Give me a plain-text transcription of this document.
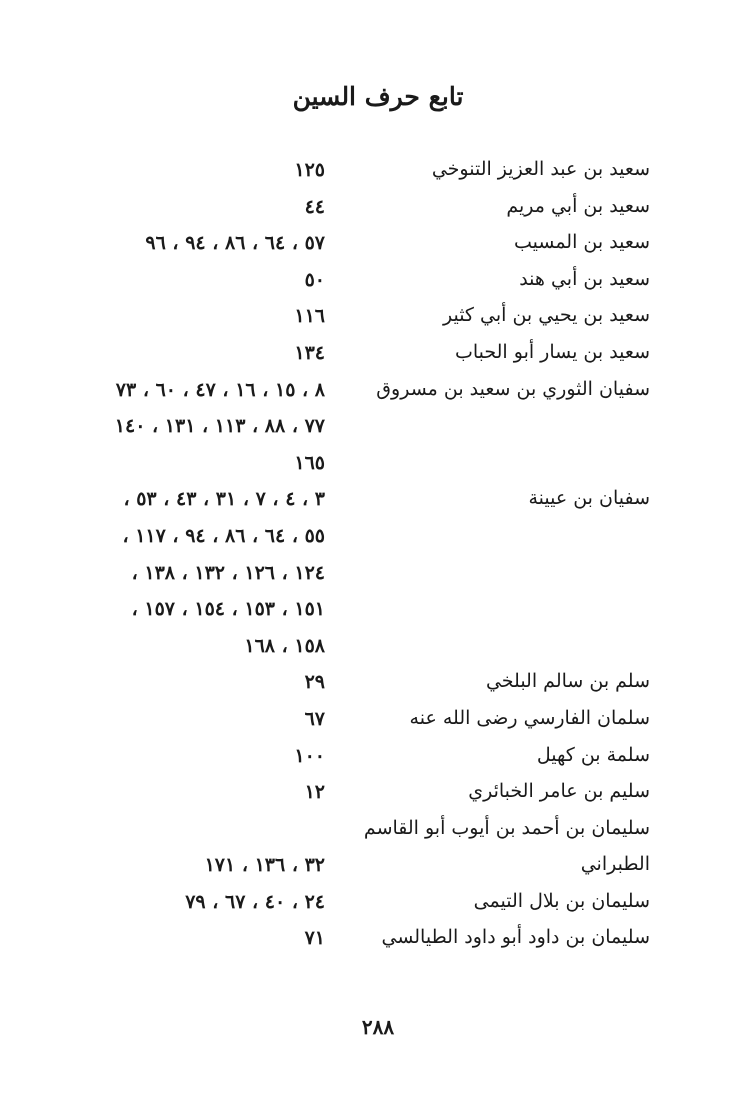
تابع حرف السين
سعيد بن عبد العزيز التنوخي
١٢٥
سعيد بن أبي مريم
٤٤
سعيد بن المسيب
٥٧ ، ٦٤ ، ٨٦ ، ٩٤ ، ٩٦
سعيد بن أبي هند
٥٠
سعيد بن يحيي بن أبي كثير
١١٦
سعيد بن يسار أبو الحباب
١٣٤
سفيان الثوري بن سعيد بن مسروق
٨ ، ١٥ ، ١٦ ، ٤٧ ، ٦٠ ، ٧٣
٧٧ ، ٨٨ ، ١١٣ ، ١٣١ ، ١٤٠
١٦٥
سفيان بن عيينة
٣ ، ٤ ، ٧ ، ٣١ ، ٤٣ ، ٥٣ ،
٥٥ ، ٦٤ ، ٨٦ ، ٩٤ ، ١١٧ ،
١٢٤ ، ١٢٦ ، ١٣٢ ، ١٣٨ ،
١٥١ ، ١٥٣ ، ١٥٤ ، ١٥٧ ،
١٥٨ ، ١٦٨
سلم بن سالم البلخي
٢٩
سلمان الفارسي رضى الله عنه
٦٧
سلمة بن كهيل
١٠٠
سليم بن عامر الخبائري
١٢
سليمان بن أحمد بن أيوب أبو القاسم
الطبراني
٣٢ ، ١٣٦ ، ١٧١
سليمان بن بلال التيمى
٢٤ ، ٤٠ ، ٦٧ ، ٧٩
سليمان بن داود أبو داود الطيالسي
٧١
٢٨٨
